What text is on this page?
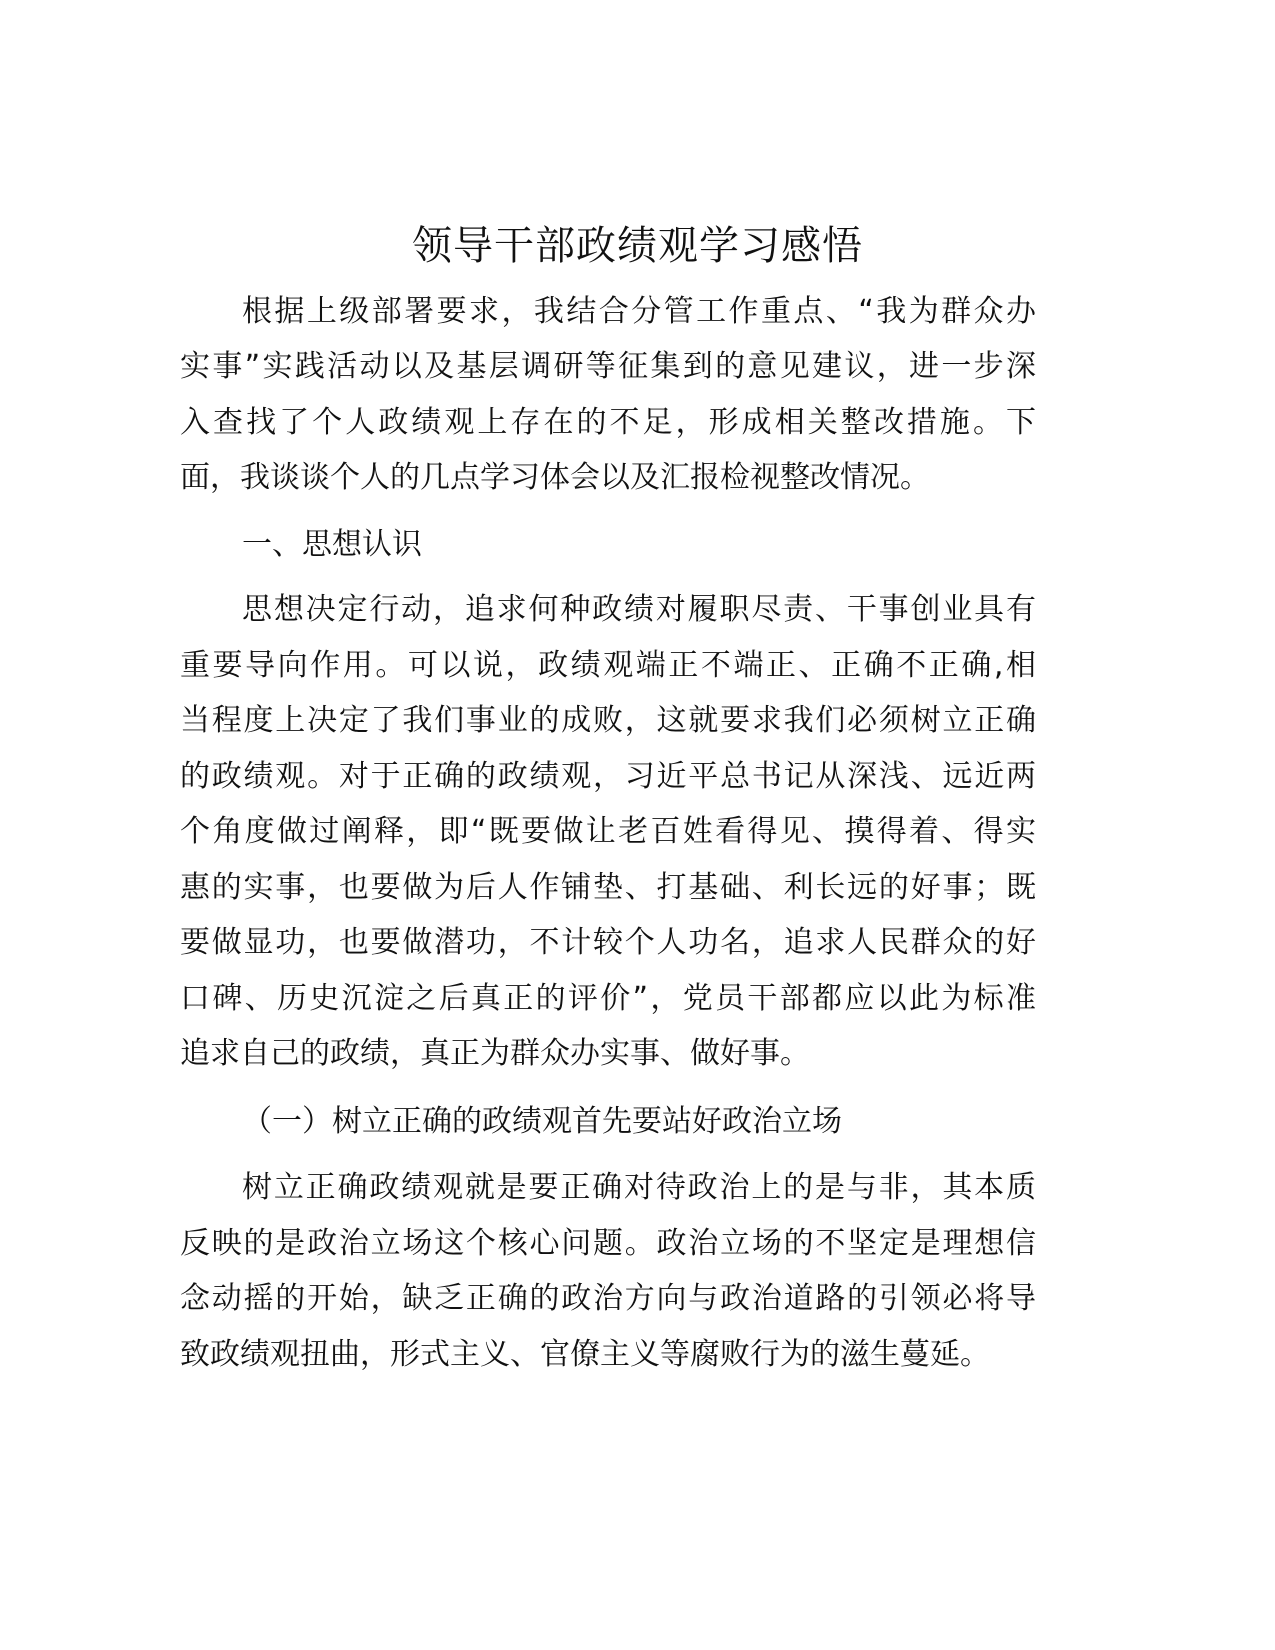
领导干部政绩观学习感悟
根据上级部署要求，我结合分管工作重点、“我为群众办
实事”实践活动以及基层调研等征集到的意见建议，进一步深
入查找了个人政绩观上存在的不足，形成相关整改措施。下
面，我谈谈个人的几点学习体会以及汇报检视整改情况。
一、思想认识
思想决定行动，追求何种政绩对履职尽责、干事创业具有
重要导向作用。可以说，政绩观端正不端正、正确不正确,相
当程度上决定了我们事业的成败，这就要求我们必须树立正确
的政绩观。对于正确的政绩观，习近平总书记从深浅、远近两
个角度做过阐释，即“既要做让老百姓看得见、摸得着、得实
惠的实事，也要做为后人作铺垫、打基础、利长远的好事；既
要做显功，也要做潜功，不计较个人功名，追求人民群众的好
口碑、历史沉淀之后真正的评价”，党员干部都应以此为标准
追求自己的政绩，真正为群众办实事、做好事。
（一）树立正确的政绩观首先要站好政治立场
树立正确政绩观就是要正确对待政治上的是与非，其本质
反映的是政治立场这个核心问题。政治立场的不坚定是理想信
念动摇的开始，缺乏正确的政治方向与政治道路的引领必将导
致政绩观扭曲，形式主义、官僚主义等腐败行为的滋生蔓延。
